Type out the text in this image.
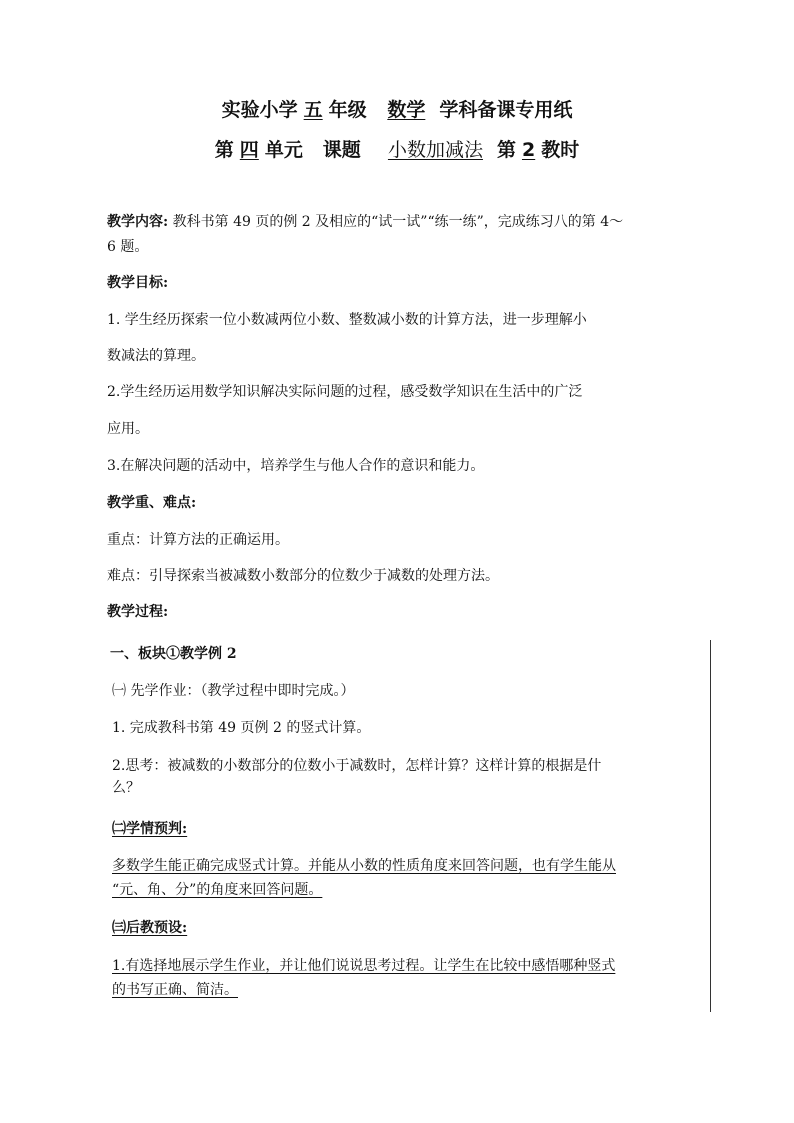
实验小学 五 年级 数学 学科备课专用纸
第 四 单元 课题 小数加减法 第 2 教时
教学内容: 教科书第 49 页的例 2 及相应的“试一试”“练一练”，完成练习八的第 4～
6 题。
教学目标:
1. 学生经历探索一位小数减两位小数、整数减小数的计算方法，进一步理解小
数减法的算理。
2.学生经历运用数学知识解决实际问题的过程，感受数学知识在生活中的广泛
应用。
3.在解决问题的活动中，培养学生与他人合作的意识和能力。
教学重、难点:
重点：计算方法的正确运用。
难点：引导探索当被减数小数部分的位数少于减数的处理方法。
教学过程:
一、板块①教学例 2
㈠ 先学作业：（教学过程中即时完成。）
1. 完成教科书第 49 页例 2 的竖式计算。
2.思考：被减数的小数部分的位数小于减数时，怎样计算？这样计算的根据是什
么？
㈡学情预判:
多数学生能正确完成竖式计算。并能从小数的性质角度来回答问题，也有学生能从
“元、角、分”的角度来回答问题。
㈢后教预设:
1.有选择地展示学生作业，并让他们说说思考过程。让学生在比较中感悟哪种竖式
的书写正确、简洁。
